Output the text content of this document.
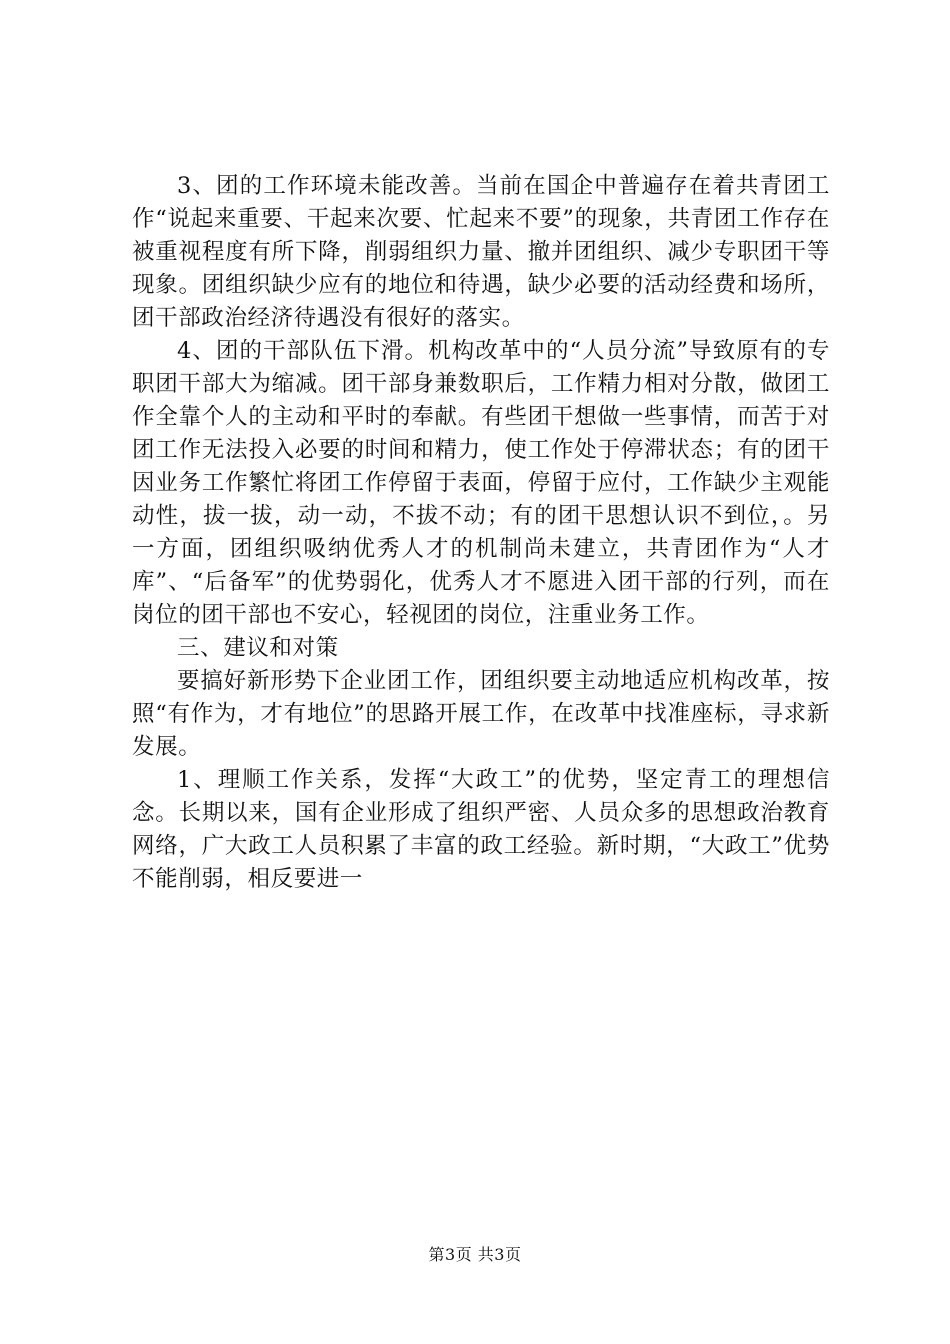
3、团的工作环境未能改善。当前在国企中普遍存在着共青团工作“说起来重要、干起来次要、忙起来不要”的现象，共青团工作存在被重视程度有所下降，削弱组织力量、撤并团组织、减少专职团干等现象。团组织缺少应有的地位和待遇，缺少必要的活动经费和场所，团干部政治经济待遇没有很好的落实。

4、团的干部队伍下滑。机构改革中的“人员分流”导致原有的专职团干部大为缩减。团干部身兼数职后，工作精力相对分散，做团工作全靠个人的主动和平时的奉献。有些团干想做一些事情，而苦于对团工作无法投入必要的时间和精力，使工作处于停滞状态；有的团干因业务工作繁忙将团工作停留于表面，停留于应付，工作缺少主观能动性，拔一拔，动一动，不拔不动；有的团干思想认识不到位，。另一方面，团组织吸纳优秀人才的机制尚未建立，共青团作为“人才库”、“后备军”的优势弱化，优秀人才不愿进入团干部的行列，而在岗位的团干部也不安心，轻视团的岗位，注重业务工作。

三、建议和对策

要搞好新形势下企业团工作，团组织要主动地适应机构改革，按照“有作为，才有地位”的思路开展工作，在改革中找准座标，寻求新发展。

1、理顺工作关系，发挥“大政工”的优势，坚定青工的理想信念。长期以来，国有企业形成了组织严密、人员众多的思想政治教育网络，广大政工人员积累了丰富的政工经验。新时期，“大政工”优势不能削弱，相反要进一

第3页 共3页
